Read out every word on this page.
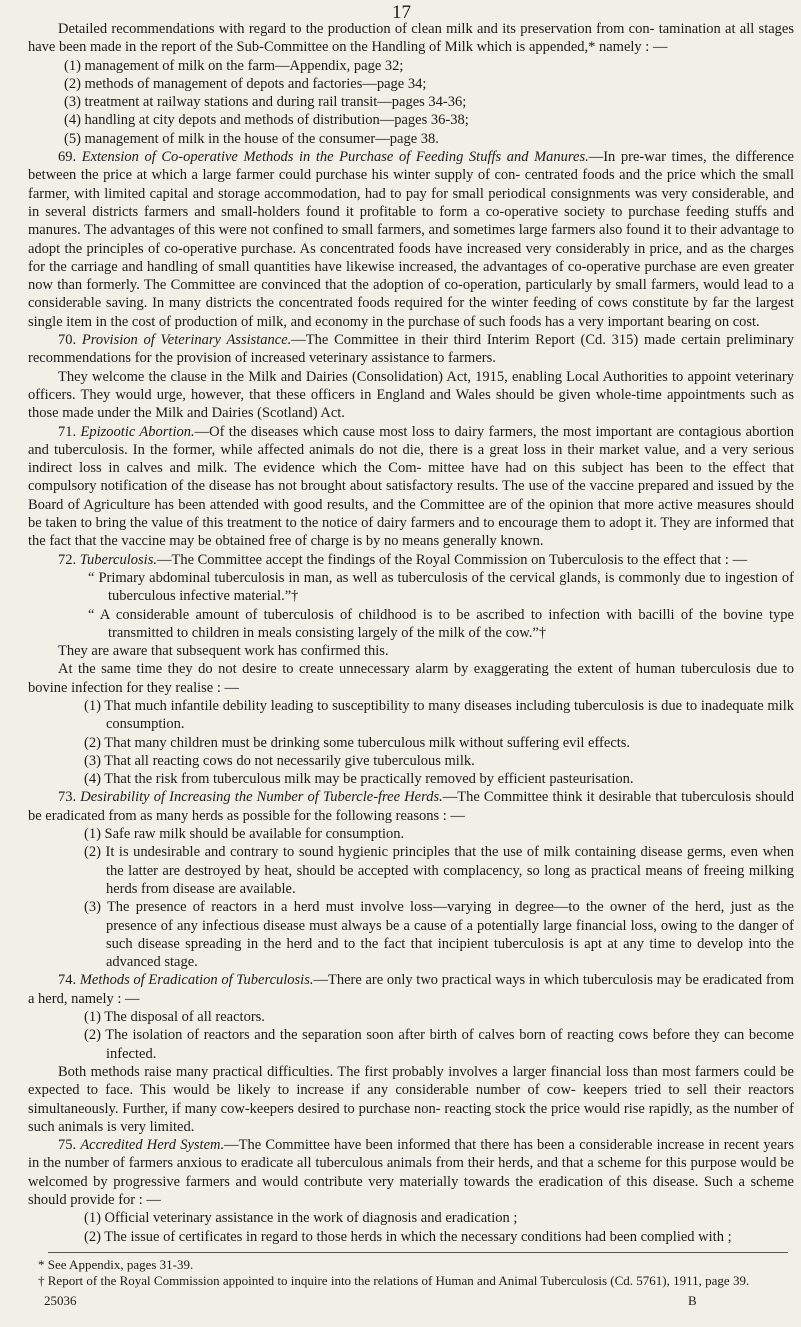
17

Detailed recommendations with regard to the production of clean milk and its preservation from con- tamination at all stages have been made in the report of the Sub-Committee on the Handling of Milk which is appended,* namely : —

(1) management of milk on the farm—Appendix, page 32;

(2) methods of management of depots and factories—page 34;

(3) treatment at railway stations and during rail transit—pages 34-36;

(4) handling at city depots and methods of distribution—pages 36-38;

(5) management of milk in the house of the consumer—page 38.

69. Extension of Co-operative Methods in the Purchase of Feeding Stuffs and Manures.—In pre-war times, the difference between the price at which a large farmer could purchase his winter supply of con- centrated foods and the price which the small farmer, with limited capital and storage accommodation, had to pay for small periodical consignments was very considerable, and in several districts farmers and small-holders found it profitable to form a co-operative society to purchase feeding stuffs and manures. The advantages of this were not confined to small farmers, and sometimes large farmers also found it to their advantage to adopt the principles of co-operative purchase. As concentrated foods have increased very considerably in price, and as the charges for the carriage and handling of small quantities have likewise increased, the advantages of co-operative purchase are even greater now than formerly. The Committee are convinced that the adoption of co-operation, particularly by small farmers, would lead to a considerable saving. In many districts the concentrated foods required for the winter feeding of cows constitute by far the largest single item in the cost of production of milk, and economy in the purchase of such foods has a very important bearing on cost.

70. Provision of Veterinary Assistance.—The Committee in their third Interim Report (Cd. 315) made certain preliminary recommendations for the provision of increased veterinary assistance to farmers.

They welcome the clause in the Milk and Dairies (Consolidation) Act, 1915, enabling Local Authorities to appoint veterinary officers. They would urge, however, that these officers in England and Wales should be given whole-time appointments such as those made under the Milk and Dairies (Scotland) Act.

71. Epizootic Abortion.—Of the diseases which cause most loss to dairy farmers, the most important are contagious abortion and tuberculosis. In the former, while affected animals do not die, there is a great loss in their market value, and a very serious indirect loss in calves and milk. The evidence which the Com- mittee have had on this subject has been to the effect that compulsory notification of the disease has not brought about satisfactory results. The use of the vaccine prepared and issued by the Board of Agriculture has been attended with good results, and the Committee are of the opinion that more active measures should be taken to bring the value of this treatment to the notice of dairy farmers and to encourage them to adopt it. They are informed that the fact that the vaccine may be obtained free of charge is by no means generally known.

72. Tuberculosis.—The Committee accept the findings of the Royal Commission on Tuberculosis to the effect that : —

“ Primary abdominal tuberculosis in man, as well as tuberculosis of the cervical glands, is commonly due to ingestion of tuberculous infective material.”†

“ A considerable amount of tuberculosis of childhood is to be ascribed to infection with bacilli of the bovine type transmitted to children in meals consisting largely of the milk of the cow.”†

They are aware that subsequent work has confirmed this.

At the same time they do not desire to create unnecessary alarm by exaggerating the extent of human tuberculosis due to bovine infection for they realise : —

(1) That much infantile debility leading to susceptibility to many diseases including tuberculosis is due to inadequate milk consumption.

(2) That many children must be drinking some tuberculous milk without suffering evil effects.

(3) That all reacting cows do not necessarily give tuberculous milk.

(4) That the risk from tuberculous milk may be practically removed by efficient pasteurisation.

73. Desirability of Increasing the Number of Tubercle-free Herds.—The Committee think it desirable that tuberculosis should be eradicated from as many herds as possible for the following reasons : —

(1) Safe raw milk should be available for consumption.

(2) It is undesirable and contrary to sound hygienic principles that the use of milk containing disease germs, even when the latter are destroyed by heat, should be accepted with complacency, so long as practical means of freeing milking herds from disease are available.

(3) The presence of reactors in a herd must involve loss—varying in degree—to the owner of the herd, just as the presence of any infectious disease must always be a cause of a potentially large financial loss, owing to the danger of such disease spreading in the herd and to the fact that incipient tuberculosis is apt at any time to develop into the advanced stage.

74. Methods of Eradication of Tuberculosis.—There are only two practical ways in which tuberculosis may be eradicated from a herd, namely : —

(1) The disposal of all reactors.

(2) The isolation of reactors and the separation soon after birth of calves born of reacting cows before they can become infected.

Both methods raise many practical difficulties. The first probably involves a larger financial loss than most farmers could be expected to face. This would be likely to increase if any considerable number of cow- keepers tried to sell their reactors simultaneously. Further, if many cow-keepers desired to purchase non- reacting stock the price would rise rapidly, as the number of such animals is very limited.

75. Accredited Herd System.—The Committee have been informed that there has been a considerable increase in recent years in the number of farmers anxious to eradicate all tuberculous animals from their herds, and that a scheme for this purpose would be welcomed by progressive farmers and would contribute very materially towards the eradication of this disease. Such a scheme should provide for : —

(1) Official veterinary assistance in the work of diagnosis and eradication ;

(2) The issue of certificates in regard to those herds in which the necessary conditions had been complied with ;

* See Appendix, pages 31-39.

† Report of the Royal Commission appointed to inquire into the relations of Human and Animal Tuberculosis (Cd. 5761), 1911, page 39.

25036	B
